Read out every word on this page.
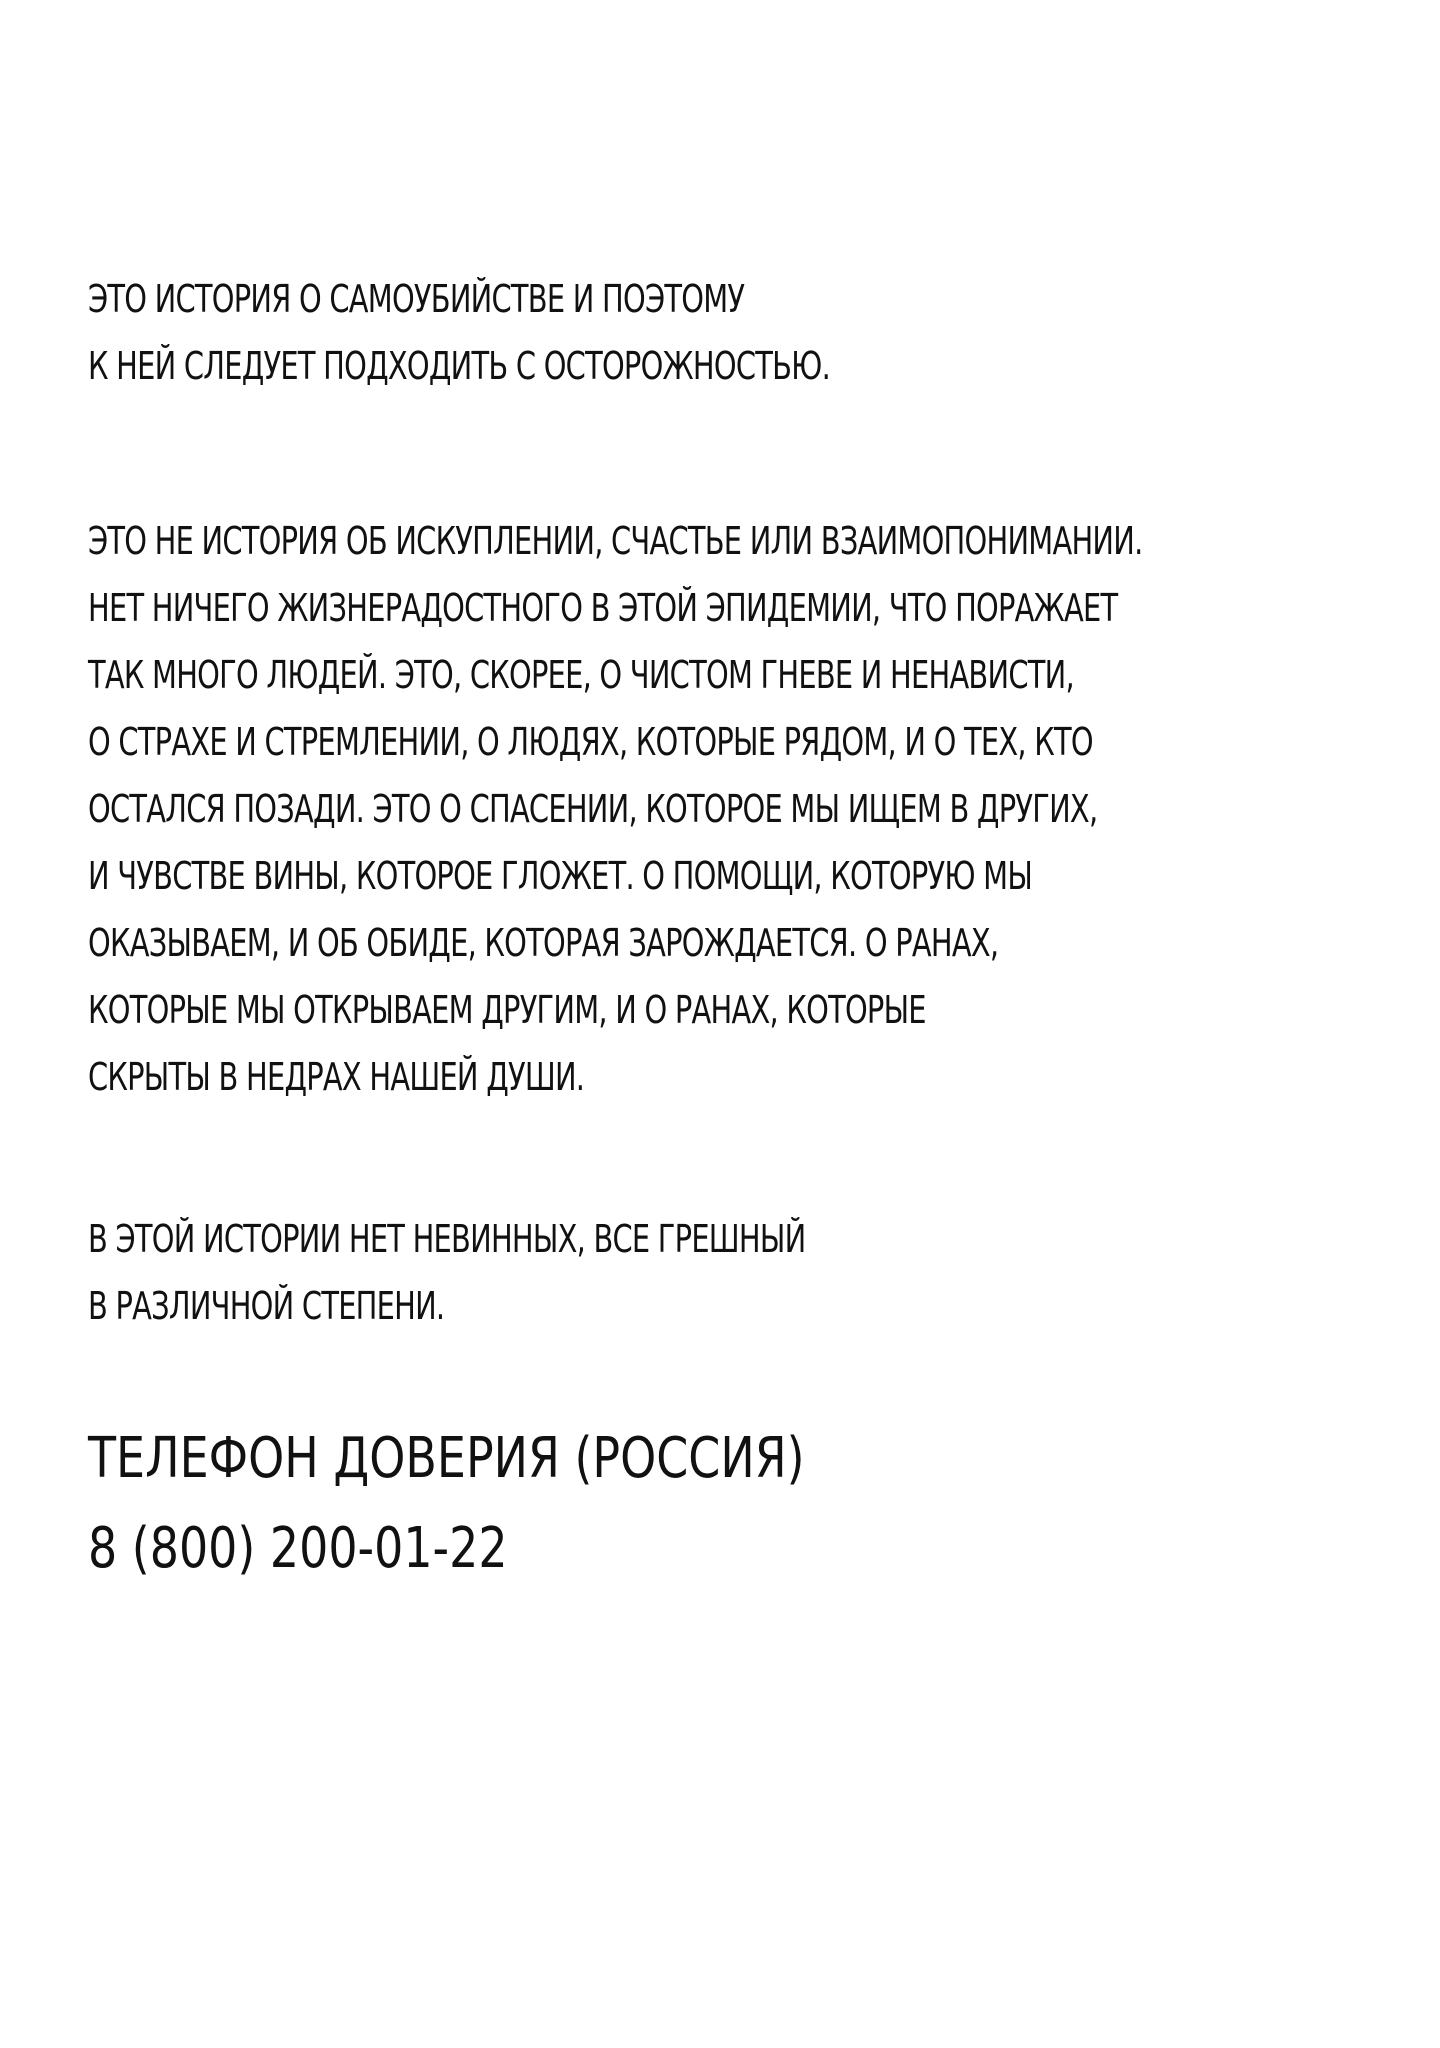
ЭТО ИСТОРИЯ О САМОУБИЙСТВЕ И ПОЭТОМУ
К НЕЙ СЛЕДУЕТ ПОДХОДИТЬ С ОСТОРОЖНОСТЬЮ.
ЭТО НЕ ИСТОРИЯ ОБ ИСКУПЛЕНИИ, СЧАСТЬЕ ИЛИ ВЗАИМОПОНИМАНИИ.
НЕТ НИЧЕГО ЖИЗНЕРАДОСТНОГО В ЭТОЙ ЭПИДЕМИИ, ЧТО ПОРАЖАЕТ
ТАК МНОГО ЛЮДЕЙ. ЭТО, СКОРЕЕ, О ЧИСТОМ ГНЕВЕ И НЕНАВИСТИ,
О СТРАХЕ И СТРЕМЛЕНИИ, О ЛЮДЯХ, КОТОРЫЕ РЯДОМ, И О ТЕХ, КТО
ОСТАЛСЯ ПОЗАДИ. ЭТО О СПАСЕНИИ, КОТОРОЕ МЫ ИЩЕМ В ДРУГИХ,
И ЧУВСТВЕ ВИНЫ, КОТОРОЕ ГЛОЖЕТ. О ПОМОЩИ, КОТОРУЮ МЫ
ОКАЗЫВАЕМ, И ОБ ОБИДЕ, КОТОРАЯ ЗАРОЖДАЕТСЯ. О РАНАХ,
КОТОРЫЕ МЫ ОТКРЫВАЕМ ДРУГИМ, И О РАНАХ, КОТОРЫЕ
СКРЫТЫ В НЕДРАХ НАШЕЙ ДУШИ.
В ЭТОЙ ИСТОРИИ НЕТ НЕВИННЫХ, ВСЕ ГРЕШНЫЙ
В РАЗЛИЧНОЙ СТЕПЕНИ.
ТЕЛЕФОН ДОВЕРИЯ (РОССИЯ)
8 (800) 200-01-22
